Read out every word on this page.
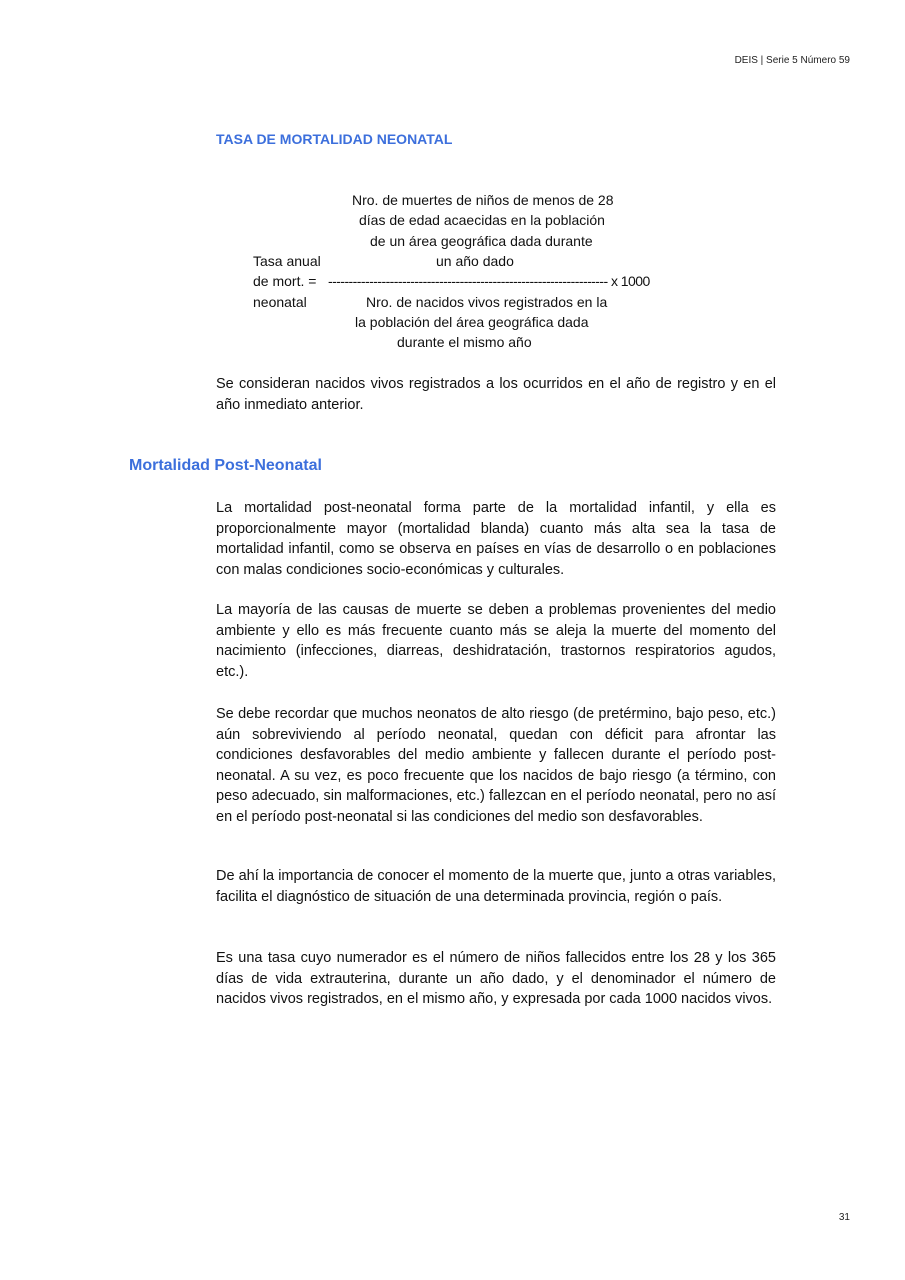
DEIS | Serie 5 Número 59
TASA DE MORTALIDAD NEONATAL
Nro. de muertes de niños de menos de 28
días de edad acaecidas en la población
de un área geográfica dada durante
Tasa anual	un año dado
de mort. = -------------------------------------------------------------------- x 1000
neonatal	Nro. de nacidos vivos registrados en la
la población del área geográfica dada
durante el mismo año

Se consideran nacidos vivos registrados a los ocurridos en el año de registro y en el año inmediato anterior.

Mortalidad Post-Neonatal

La mortalidad post-neonatal forma parte de la mortalidad infantil, y ella es proporcionalmente mayor (mortalidad blanda) cuanto más alta sea la tasa de mortalidad infantil, como se observa en países en vías de desarrollo o en poblaciones con malas condiciones socio-económicas y culturales.

La mayoría de las causas de muerte se deben a problemas provenientes del medio ambiente y ello es más frecuente cuanto más se aleja la muerte del momento del nacimiento (infecciones, diarreas, deshidratación, trastornos respiratorios agudos, etc.).

Se debe recordar que muchos neonatos de alto riesgo (de pretérmino, bajo peso, etc.) aún sobreviviendo al período neonatal, quedan con déficit para afrontar las condiciones desfavorables del medio ambiente y fallecen durante el período post-neonatal. A su vez, es poco frecuente que los nacidos de bajo riesgo (a término, con peso adecuado, sin malformaciones, etc.) fallezcan en el período neonatal, pero no así en el período post-neonatal si las condiciones del medio son desfavorables.

De ahí la importancia de conocer el momento de la muerte que, junto a otras variables, facilita el diagnóstico de situación de una determinada provincia, región o país.

Es una tasa cuyo numerador es el número de niños fallecidos entre los 28 y los 365 días de vida extrauterina, durante un año dado, y el denominador el número de nacidos vivos registrados, en el mismo año, y expresada por cada 1000 nacidos vivos.

31
